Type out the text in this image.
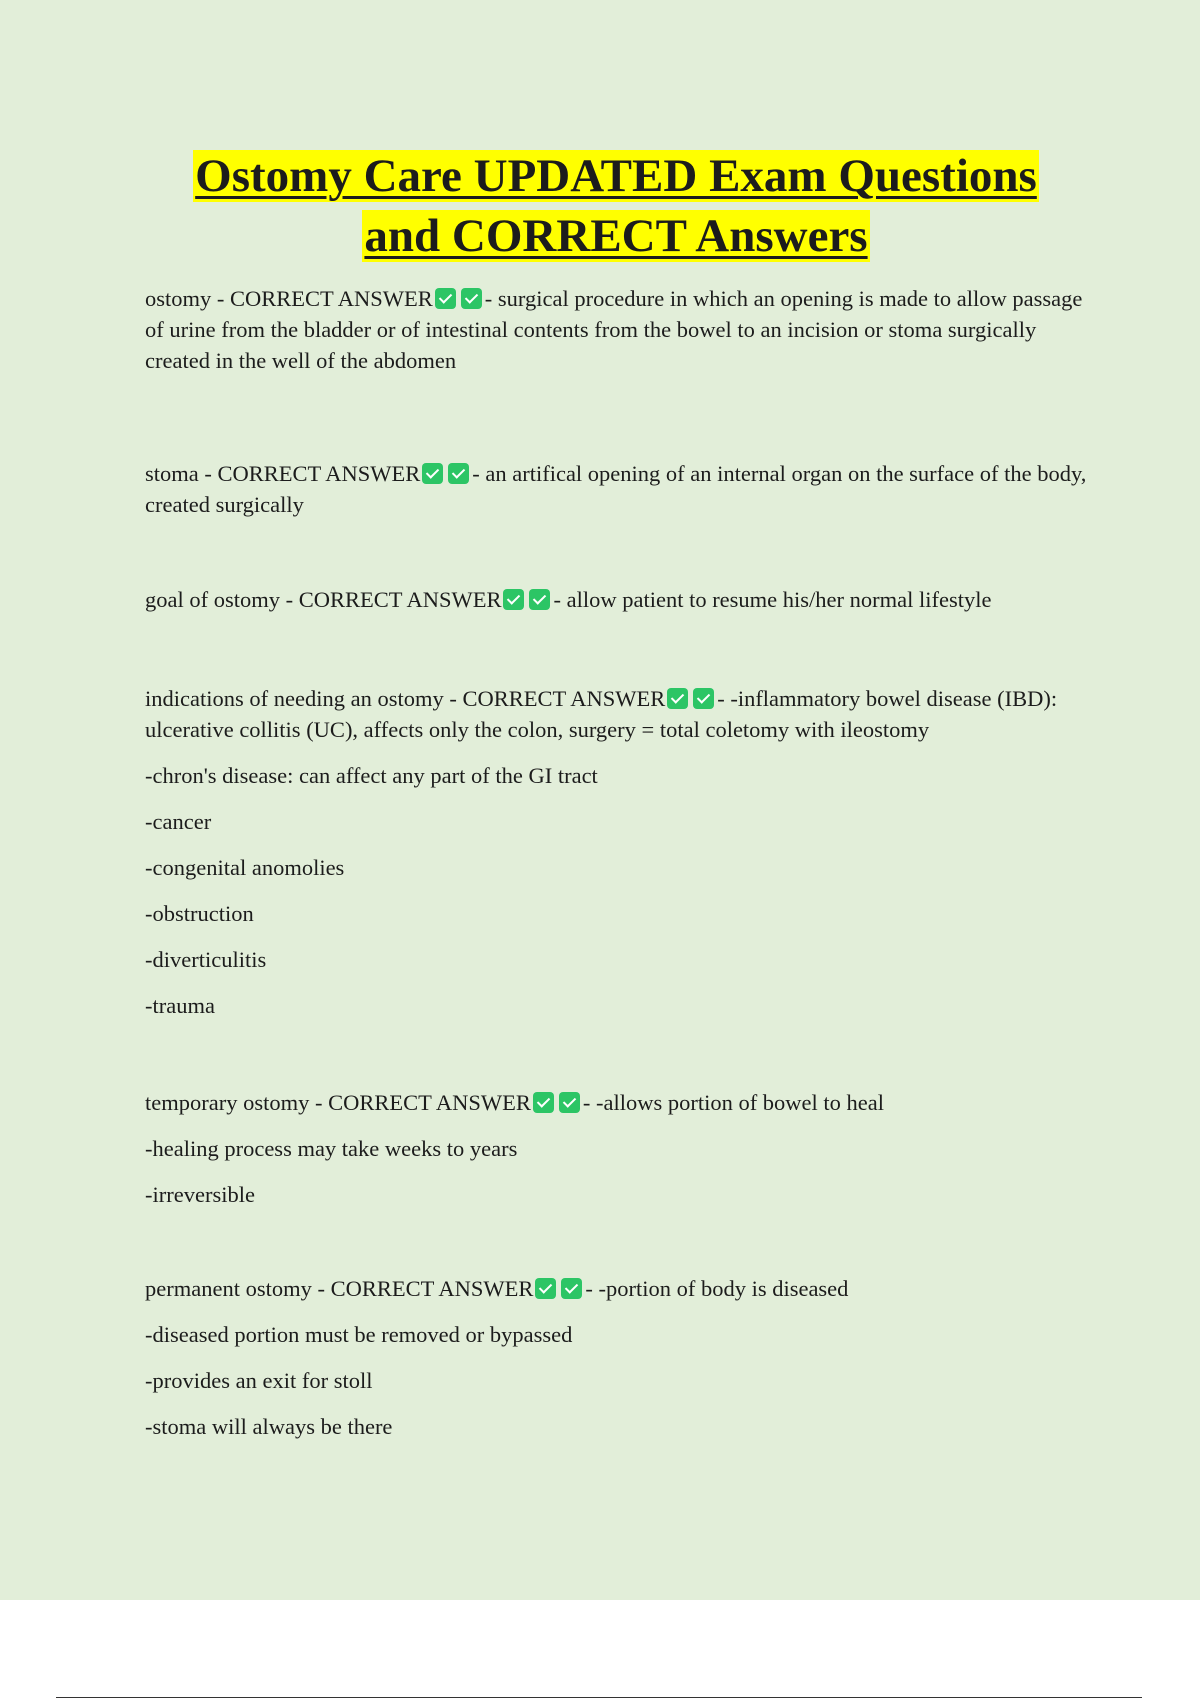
Ostomy Care UPDATED Exam Questions
and CORRECT Answers

ostomy - CORRECT ANSWER - surgical procedure in which an opening is made to allow passage of urine from the bladder or of intestinal contents from the bowel to an incision or stoma surgically created in the well of the abdomen

stoma - CORRECT ANSWER - an artifical opening of an internal organ on the surface of the body, created surgically

goal of ostomy - CORRECT ANSWER - allow patient to resume his/her normal lifestyle

indications of needing an ostomy - CORRECT ANSWER - -inflammatory bowel disease (IBD): ulcerative collitis (UC), affects only the colon, surgery = total coletomy with ileostomy

-chron's disease: can affect any part of the GI tract
-cancer
-congenital anomolies
-obstruction
-diverticulitis
-trauma

temporary ostomy - CORRECT ANSWER - -allows portion of bowel to heal

-healing process may take weeks to years
-irreversible

permanent ostomy - CORRECT ANSWER - -portion of body is diseased

-diseased portion must be removed or bypassed
-provides an exit for stoll
-stoma will always be there
